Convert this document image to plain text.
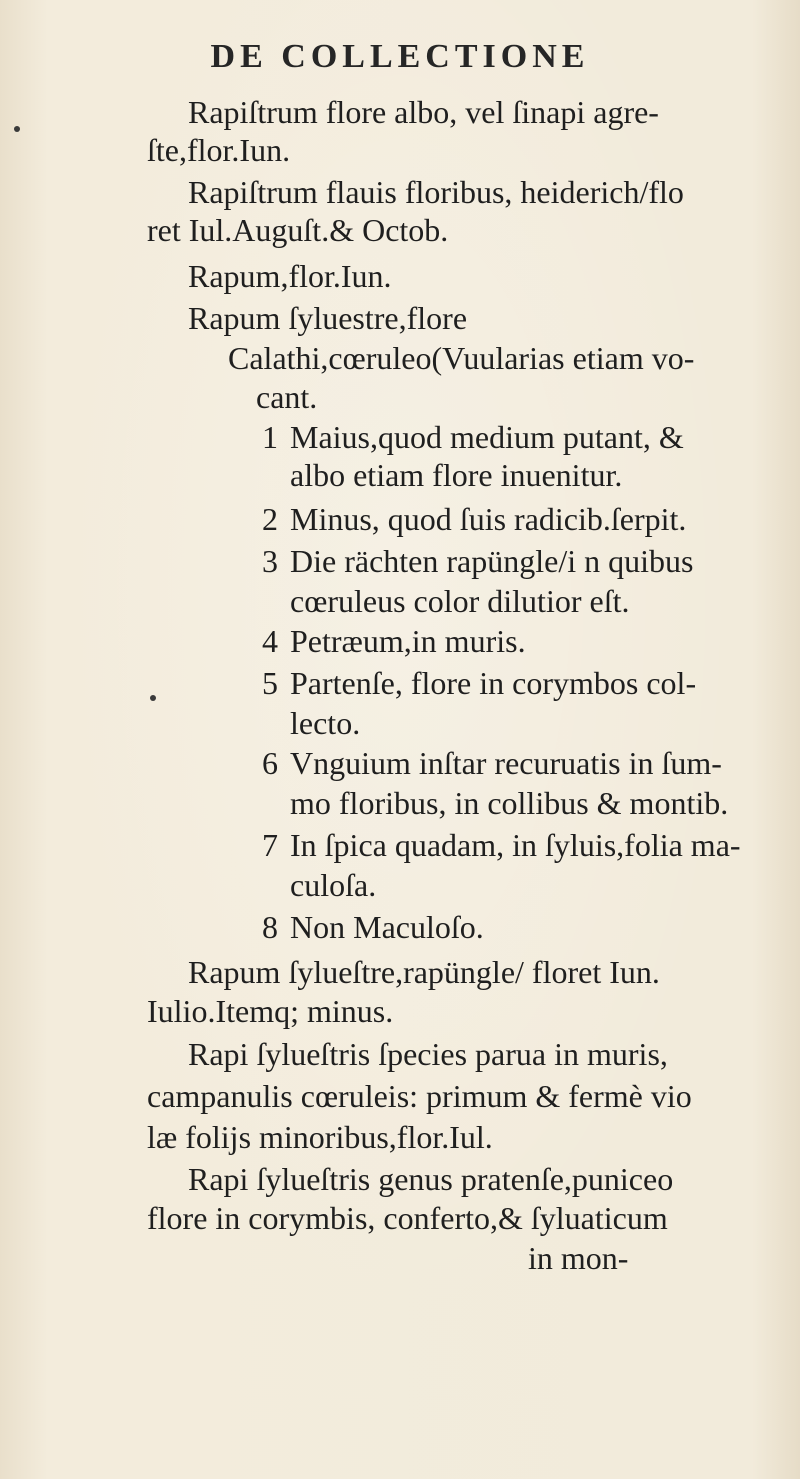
DE COLLECTIONE
Rapiſtrum flore albo, vel ſinapi agre-
ſte,flor.Iun.
Rapiſtrum flauis floribus, heiderich/flo
ret Iul.Auguſt.& Octob.
Rapum,flor.Iun.
Rapum ſyluestre,flore
Calathi,cœruleo(Vuularias etiam vo-
cant.
1 Maius,quod medium putant, &
albo etiam flore inuenitur.
2 Minus, quod ſuis radicib.ſerpit.
3 Die rächten rapüngle/i n quibus
cœruleus color dilutior eſt.
4 Petræum,in muris.
5 Partenſe, flore in corymbos col-
lecto.
6 Vnguium inſtar recuruatis in ſum-
mo floribus, in collibus & montib.
7 In ſpica quadam, in ſyluis,folia ma-
culoſa.
8 Non Maculoſo.
Rapum ſylueſtre,rapüngle/ floret Iun.
Iulio.Itemq; minus.
Rapi ſylueſtris ſpecies parua in muris,
campanulis cœruleis: primum & fermè vio
læ folijs minoribus,flor.Iul.
Rapi ſylueſtris genus pratenſe,puniceo
flore in corymbis, conferto,& ſyluaticum
in mon-
